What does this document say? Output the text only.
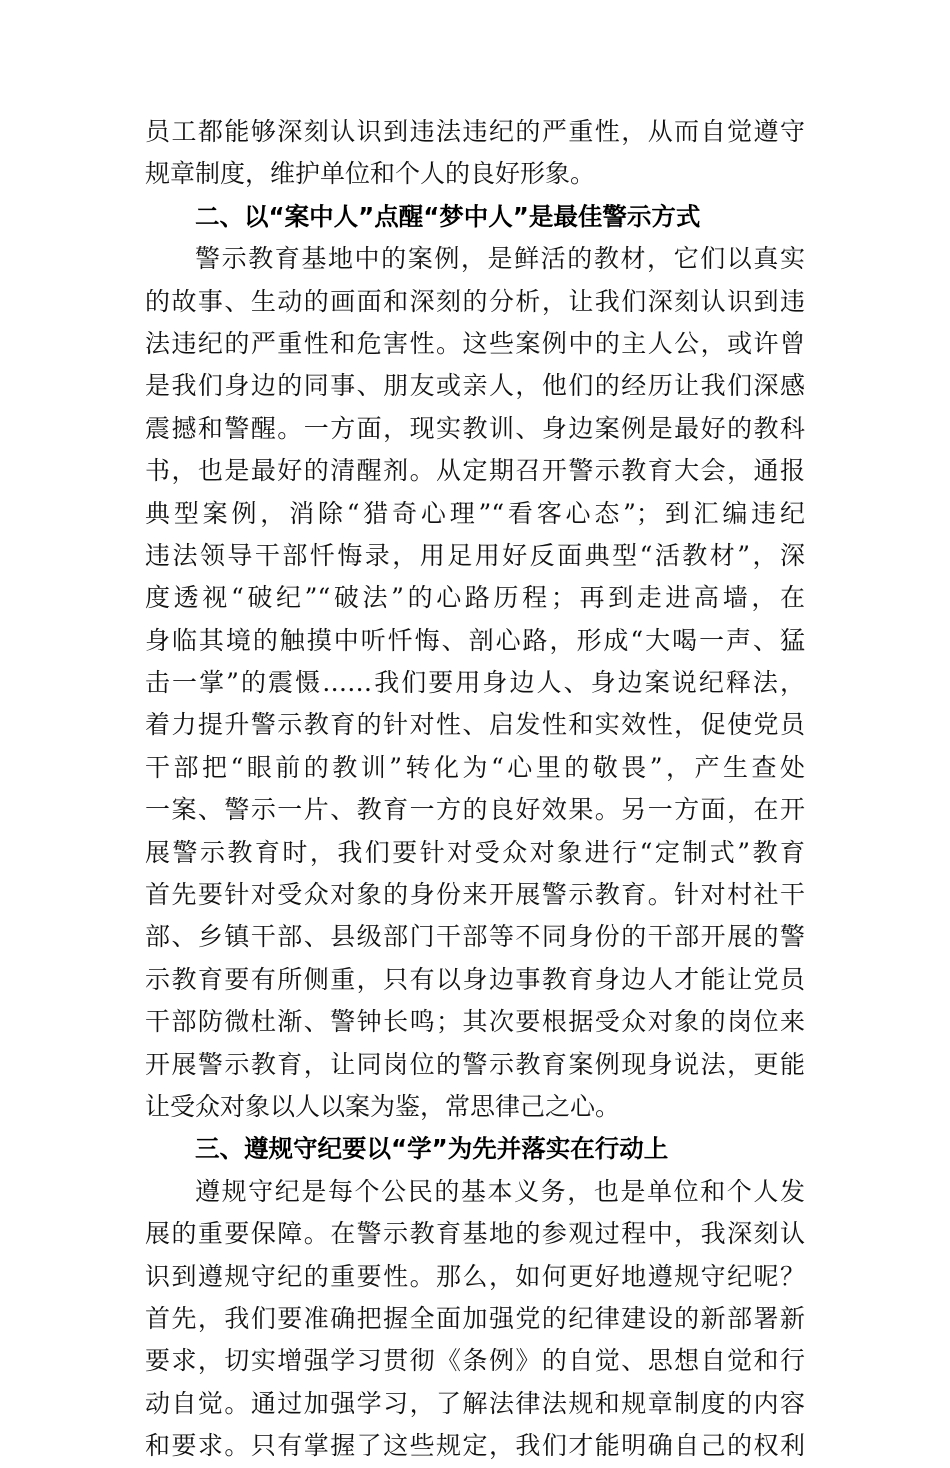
员工都能够深刻认识到违法违纪的严重性，从而自觉遵守
规章制度，维护单位和个人的良好形象。
二、以“案中人”点醒“梦中人”是最佳警示方式
警示教育基地中的案例，是鲜活的教材，它们以真实
的故事、生动的画面和深刻的分析，让我们深刻认识到违
法违纪的严重性和危害性。这些案例中的主人公，或许曾
是我们身边的同事、朋友或亲人，他们的经历让我们深感
震撼和警醒。一方面，现实教训、身边案例是最好的教科
书，也是最好的清醒剂。从定期召开警示教育大会，通报
典型案例，消除“猎奇心理”“看客心态”；到汇编违纪
违法领导干部忏悔录，用足用好反面典型“活教材”，深
度透视“破纪”“破法”的心路历程；再到走进高墙，在
身临其境的触摸中听忏悔、剖心路，形成“大喝一声、猛
击一掌”的震慑……我们要用身边人、身边案说纪释法，
着力提升警示教育的针对性、启发性和实效性，促使党员
干部把“眼前的教训”转化为“心里的敬畏”，产生查处
一案、警示一片、教育一方的良好效果。另一方面，在开
展警示教育时，我们要针对受众对象进行“定制式”教育
首先要针对受众对象的身份来开展警示教育。针对村社干
部、乡镇干部、县级部门干部等不同身份的干部开展的警
示教育要有所侧重，只有以身边事教育身边人才能让党员
干部防微杜渐、警钟长鸣；其次要根据受众对象的岗位来
开展警示教育，让同岗位的警示教育案例现身说法，更能
让受众对象以人以案为鉴，常思律己之心。
三、遵规守纪要以“学”为先并落实在行动上
遵规守纪是每个公民的基本义务，也是单位和个人发
展的重要保障。在警示教育基地的参观过程中，我深刻认
识到遵规守纪的重要性。那么，如何更好地遵规守纪呢？
首先，我们要准确把握全面加强党的纪律建设的新部署新
要求，切实增强学习贯彻《条例》的自觉、思想自觉和行
动自觉。通过加强学习，了解法律法规和规章制度的内容
和要求。只有掌握了这些规定，我们才能明确自己的权利
